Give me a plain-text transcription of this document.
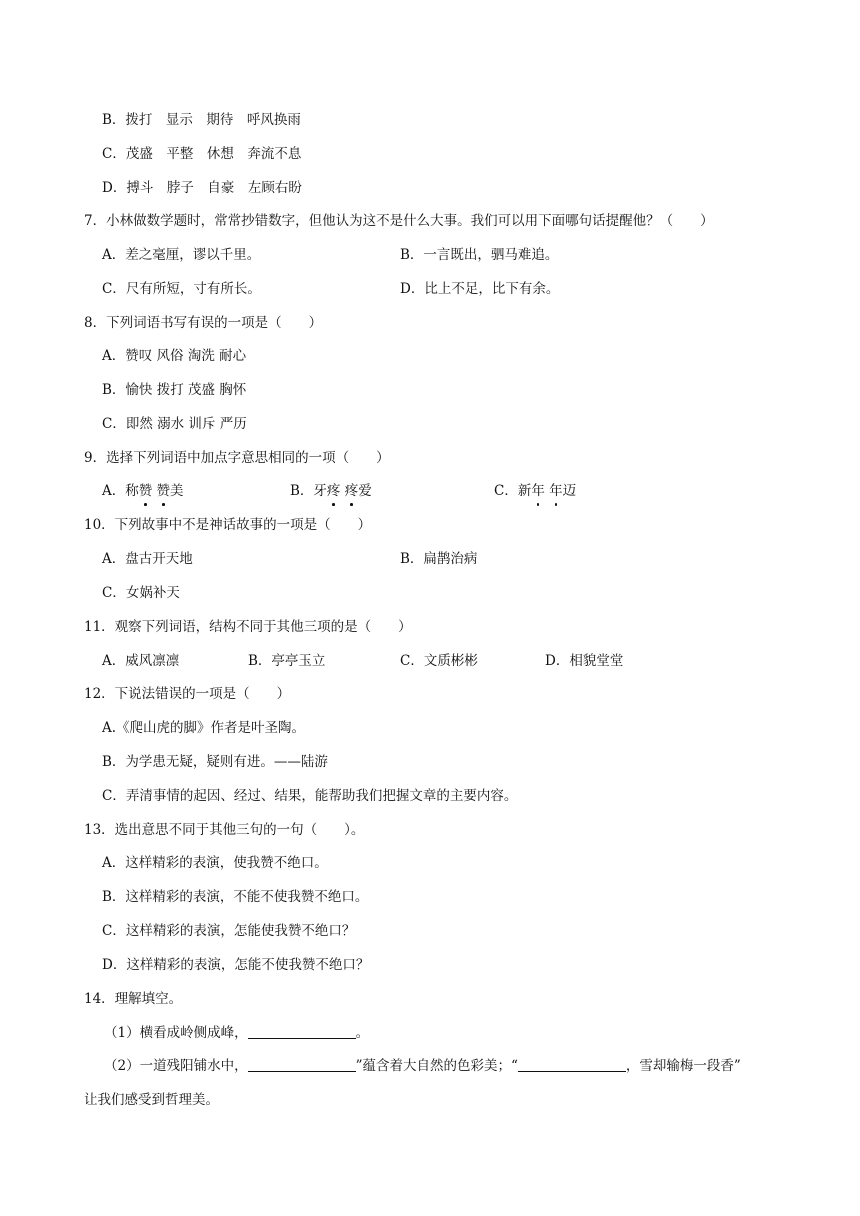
B．拨打　显示　期待　呼风换雨
C．茂盛　平整　休想　奔流不息
D．搏斗　脖子　自豪　左顾右盼
7．小林做数学题时，常常抄错数字，但他认为这不是什么大事。我们可以用下面哪句话提醒他？（　　）
A．差之毫厘，谬以千里。	B．一言既出，驷马难追。
C．尺有所短，寸有所长。	D．比上不足，比下有余。
8．下列词语书写有误的一项是（　　）
A．赞叹 风俗 淘洗 耐心
B．愉快 拨打 茂盛 胸怀
C．即然 溺水 训斥 严历
9．选择下列词语中加点字意思相同的一项（　　）
A．称赞 赞美	B．牙疼 疼爱	C．新年 年迈
10．下列故事中不是神话故事的一项是（　　）
A．盘古开天地	B．扁鹊治病
C．女娲补天
11．观察下列词语，结构不同于其他三项的是（　　）
A．威风凛凛	B．亭亭玉立	C．文质彬彬	D．相貌堂堂
12．下说法错误的一项是（　　）
A.《爬山虎的脚》作者是叶圣陶。
B．为学患无疑，疑则有进。——陆游
C．弄清事情的起因、经过、结果，能帮助我们把握文章的主要内容。
13．选出意思不同于其他三句的一句（　　）。
A．这样精彩的表演，使我赞不绝口。
B．这样精彩的表演，不能不使我赞不绝口。
C．这样精彩的表演，怎能使我赞不绝口？
D．这样精彩的表演，怎能不使我赞不绝口？
14．理解填空。
（1）横看成岭侧成峰，	。
（2）一道残阳铺水中，	”蕴含着大自然的色彩美；“	，雪却输梅一段香”
让我们感受到哲理美。
